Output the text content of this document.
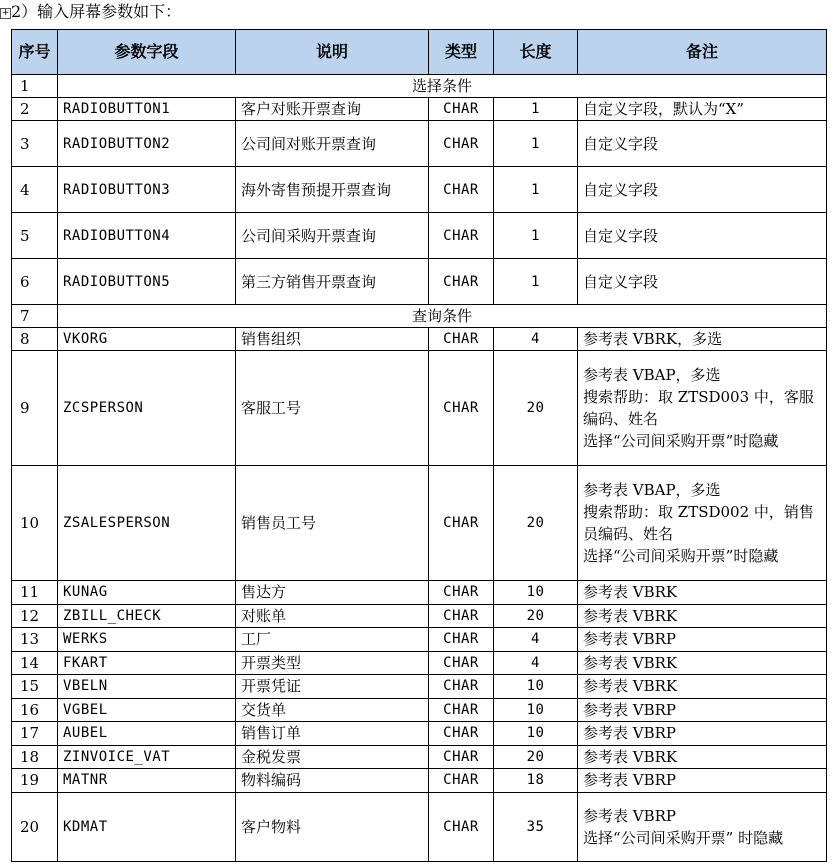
+ 2）输入屏幕参数如下：
序号	参数字段	说明	类型	长度	备注
1	选择条件				
2	RADIOBUTTON1	客户对账开票查询	CHAR	1	自定义字段，默认为“X”
3	RADIOBUTTON2	公司间对账开票查询	CHAR	1	自定义字段
4	RADIOBUTTON3	海外寄售预提开票查询	CHAR	1	自定义字段
5	RADIOBUTTON4	公司间采购开票查询	CHAR	1	自定义字段
6	RADIOBUTTON5	第三方销售开票查询	CHAR	1	自定义字段
7	查询条件				
8	VKORG	销售组织	CHAR	4	参考表 VBRK，多选
9	ZCSPERSON	客服工号	CHAR	20	参考表 VBAP，多选
搜索帮助：取 ZTSD003 中，客服编码、姓名
选择“公司间采购开票”时隐藏
10	ZSALESPERSON	销售员工号	CHAR	20	参考表 VBAP，多选
搜索帮助：取 ZTSD002 中，销售员编码、姓名
选择“公司间采购开票”时隐藏
11	KUNAG	售达方	CHAR	10	参考表 VBRK
12	ZBILL_CHECK	对账单	CHAR	20	参考表 VBRK
13	WERKS	工厂	CHAR	4	参考表 VBRP
14	FKART	开票类型	CHAR	4	参考表 VBRK
15	VBELN	开票凭证	CHAR	10	参考表 VBRK
16	VGBEL	交货单	CHAR	10	参考表 VBRP
17	AUBEL	销售订单	CHAR	10	参考表 VBRP
18	ZINVOICE_VAT	金税发票	CHAR	20	参考表 VBRK
19	MATNR	物料编码	CHAR	18	参考表 VBRP
20	KDMAT	客户物料	CHAR	35	参考表 VBRP
选择“公司间采购开票” 时隐藏
